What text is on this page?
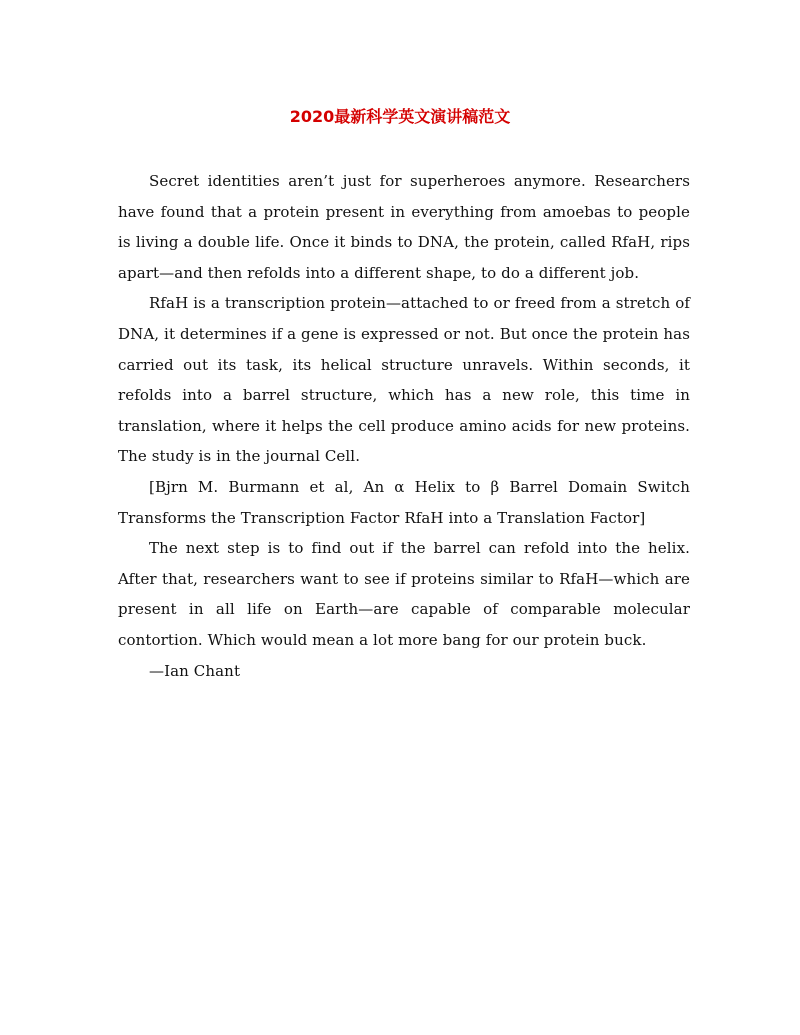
2020最新科学英文演讲稿范文

Secret identities aren’t just for superheroes anymore. Researchers have found that a protein present in everything from amoebas to people is living a double life. Once it binds to DNA, the protein, called RfaH, rips apart—and then refolds into a different shape, to do a different job.

RfaH is a transcription protein—attached to or freed from a stretch of DNA, it determines if a gene is expressed or not. But once the protein has carried out its task, its helical structure unravels. Within seconds, it refolds into a barrel structure, which has a new role, this time in translation, where it helps the cell produce amino acids for new proteins. The study is in the journal Cell.

[Bjrn M. Burmann et al, An α Helix to β Barrel Domain Switch Transforms the Transcription Factor RfaH into a Translation Factor]

The next step is to find out if the barrel can refold into the helix. After that, researchers want to see if proteins similar to RfaH—which are present in all life on Earth—are capable of comparable molecular contortion. Which would mean a lot more bang for our protein buck.

—Ian Chant
